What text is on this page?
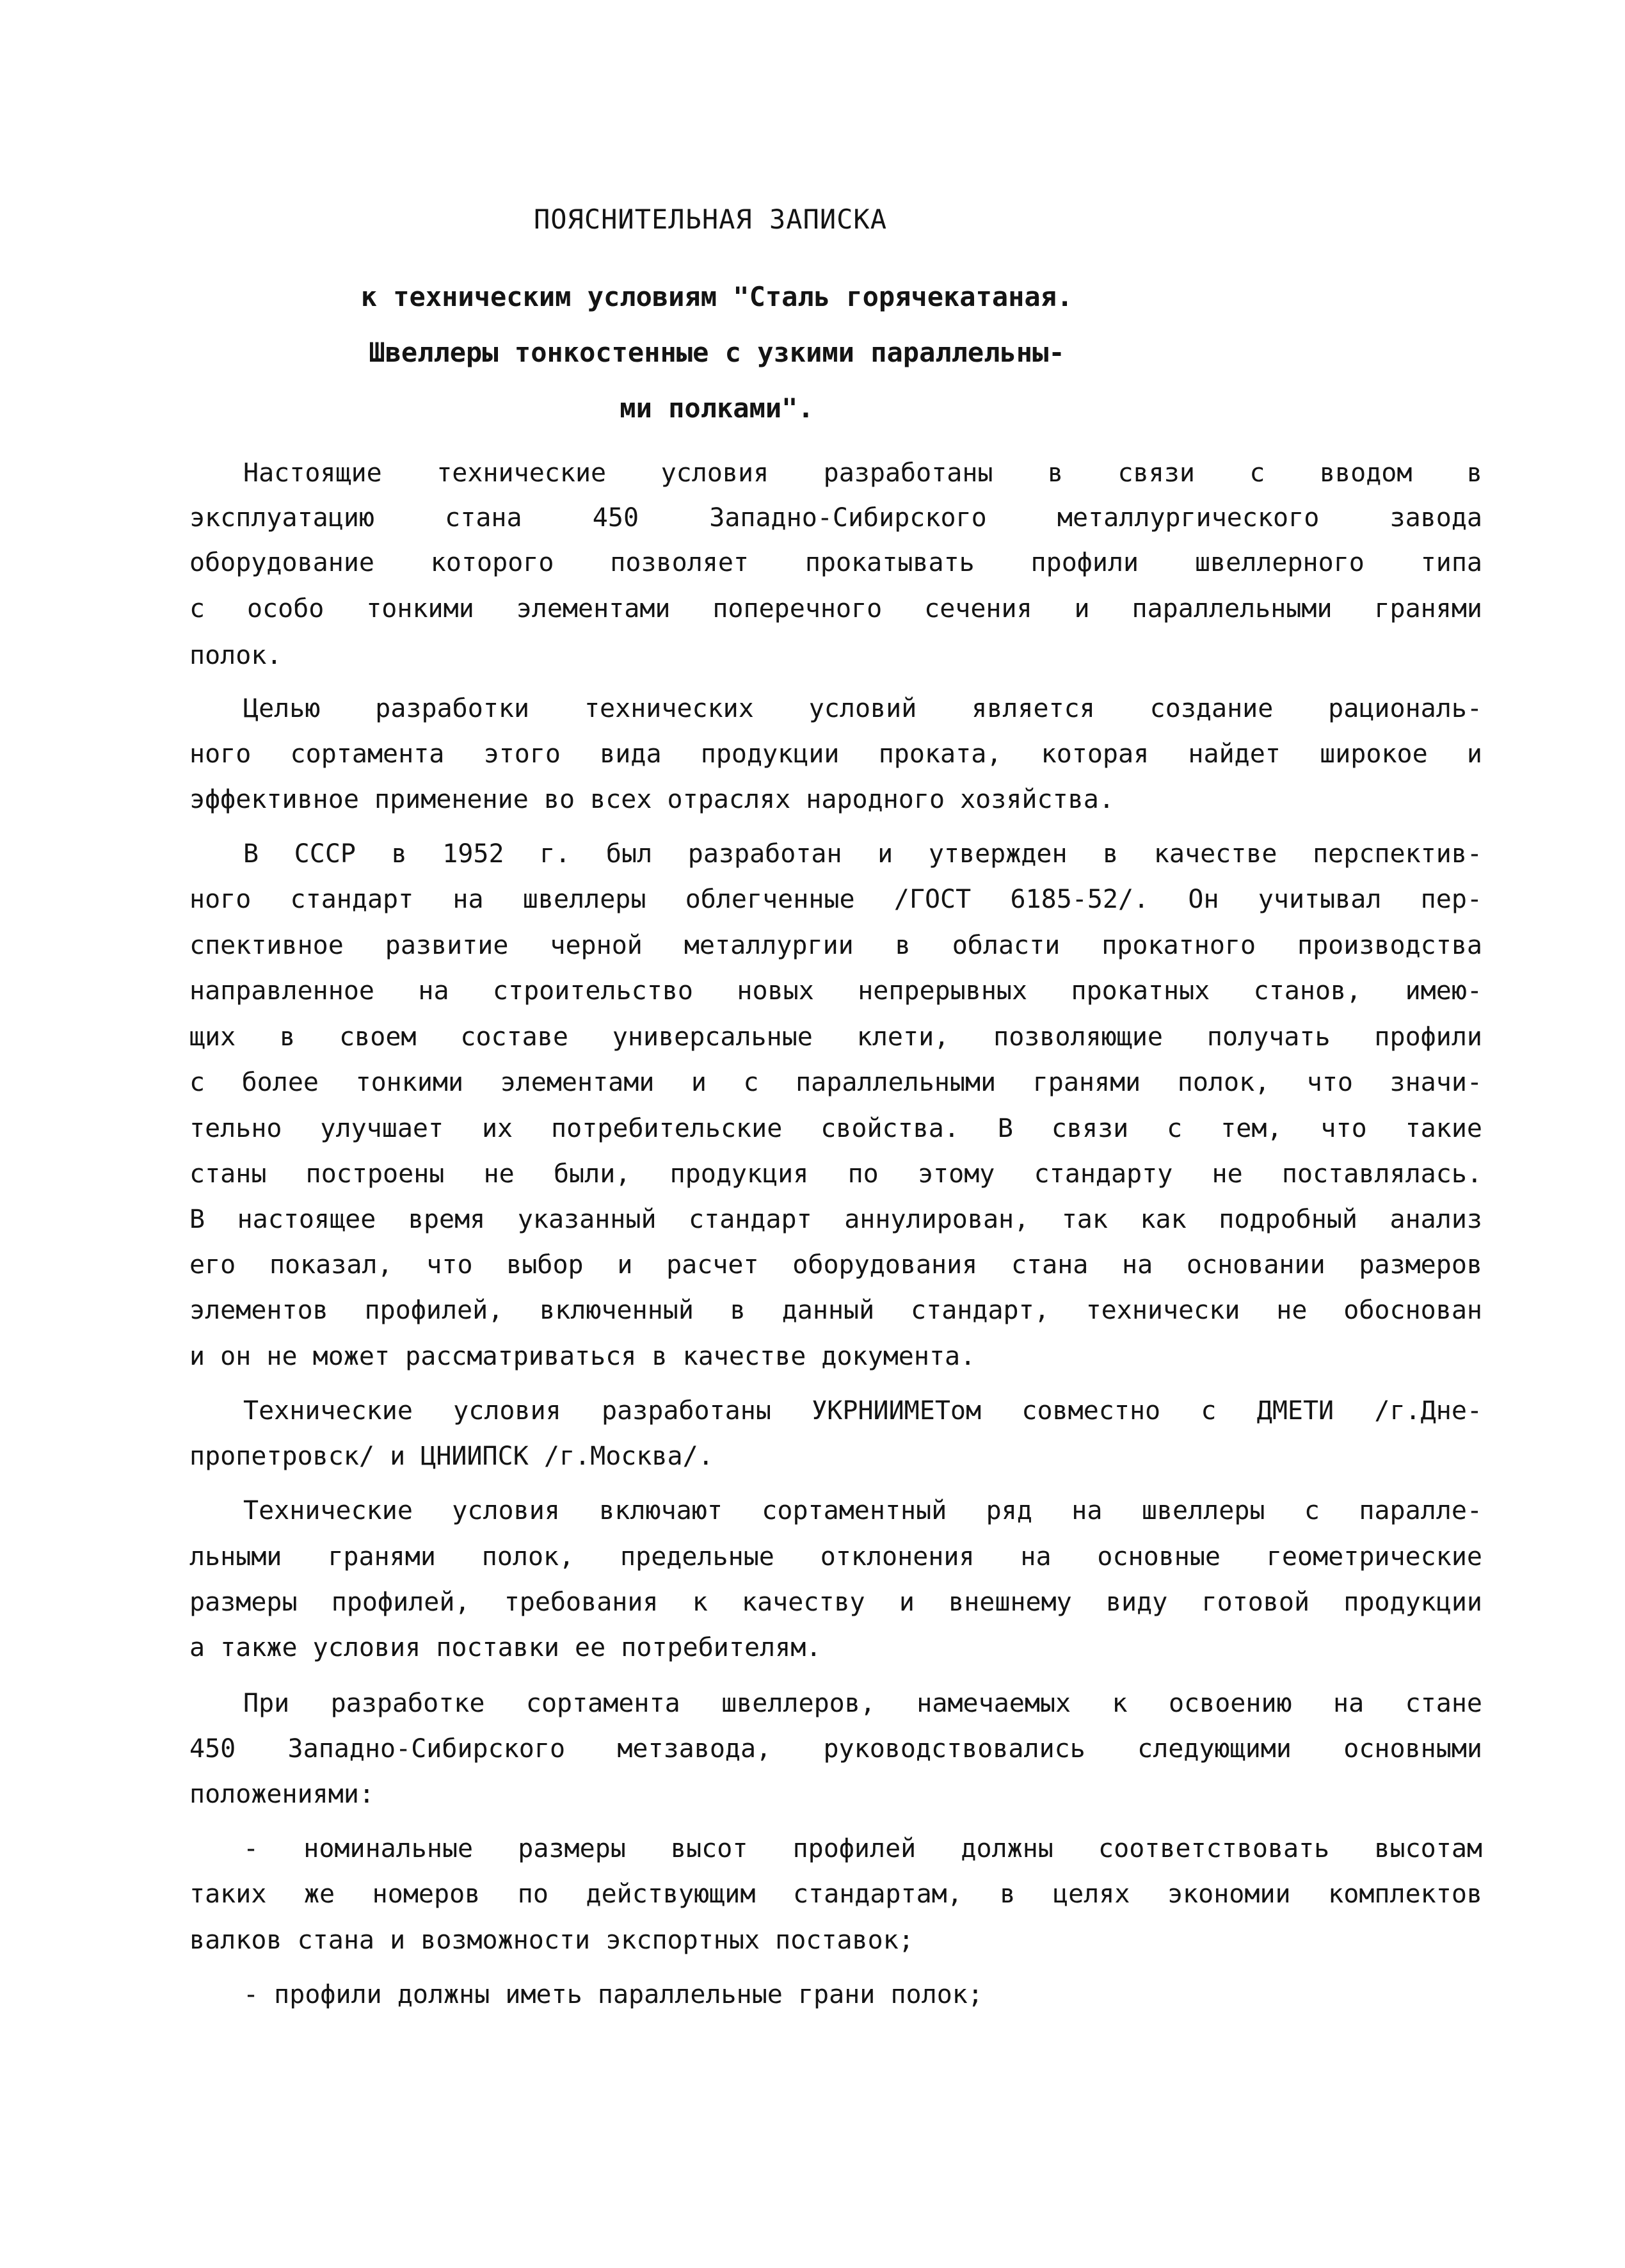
ПОЯСНИТЕЛЬНАЯ ЗАПИСКА
к техническим условиям "Сталь горячекатаная.
Швеллеры тонкостенные с узкими параллельны-
ми полками".
Настоящие технические условия разработаны в связи с вводом в
эксплуатацию стана 450 Западно-Сибирского металлургического завода
оборудование которого позволяет прокатывать профили швеллерного типа
с особо тонкими элементами поперечного сечения и параллельными гранями
полок.
Целью разработки технических условий является создание рациональ-
ного сортамента этого вида продукции проката, которая найдет широкое и
эффективное применение во всех отраслях народного хозяйства.
В СССР в 1952 г. был разработан и утвержден в качестве перспектив-
ного стандарт на швеллеры облегченные /ГОСТ 6185-52/. Он учитывал пер-
спективное развитие черной металлургии в области прокатного производства
направленное на строительство новых непрерывных прокатных станов, имею-
щих в своем составе универсальные клети, позволяющие получать профили
с более тонкими элементами и с параллельными гранями полок, что значи-
тельно улучшает их потребительские свойства. В связи с тем, что такие
станы построены не были, продукция по этому стандарту не поставлялась.
В настоящее время указанный стандарт аннулирован, так как подробный анализ
его показал, что выбор и расчет оборудования стана на основании размеров
элементов профилей, включенный в данный стандарт, технически не обоснован
и он не может рассматриваться в качестве документа.
Технические условия разработаны УКРНИИМЕТом совместно с ДМЕТИ /г.Дне-
пропетровск/ и ЦНИИПСК /г.Москва/.
Технические условия включают сортаментный ряд на швеллеры с паралле-
льными гранями полок, предельные отклонения на основные геометрические
размеры профилей, требования к качеству и внешнему виду готовой продукции
а также условия поставки ее потребителям.
При разработке сортамента швеллеров, намечаемых к освоению на стане
450 Западно-Сибирского метзавода, руководствовались следующими основными
положениями:
- номинальные размеры высот профилей должны соответствовать высотам
таких же номеров по действующим стандартам, в целях экономии комплектов
валков стана и возможности экспортных поставок;
- профили должны иметь параллельные грани полок;
